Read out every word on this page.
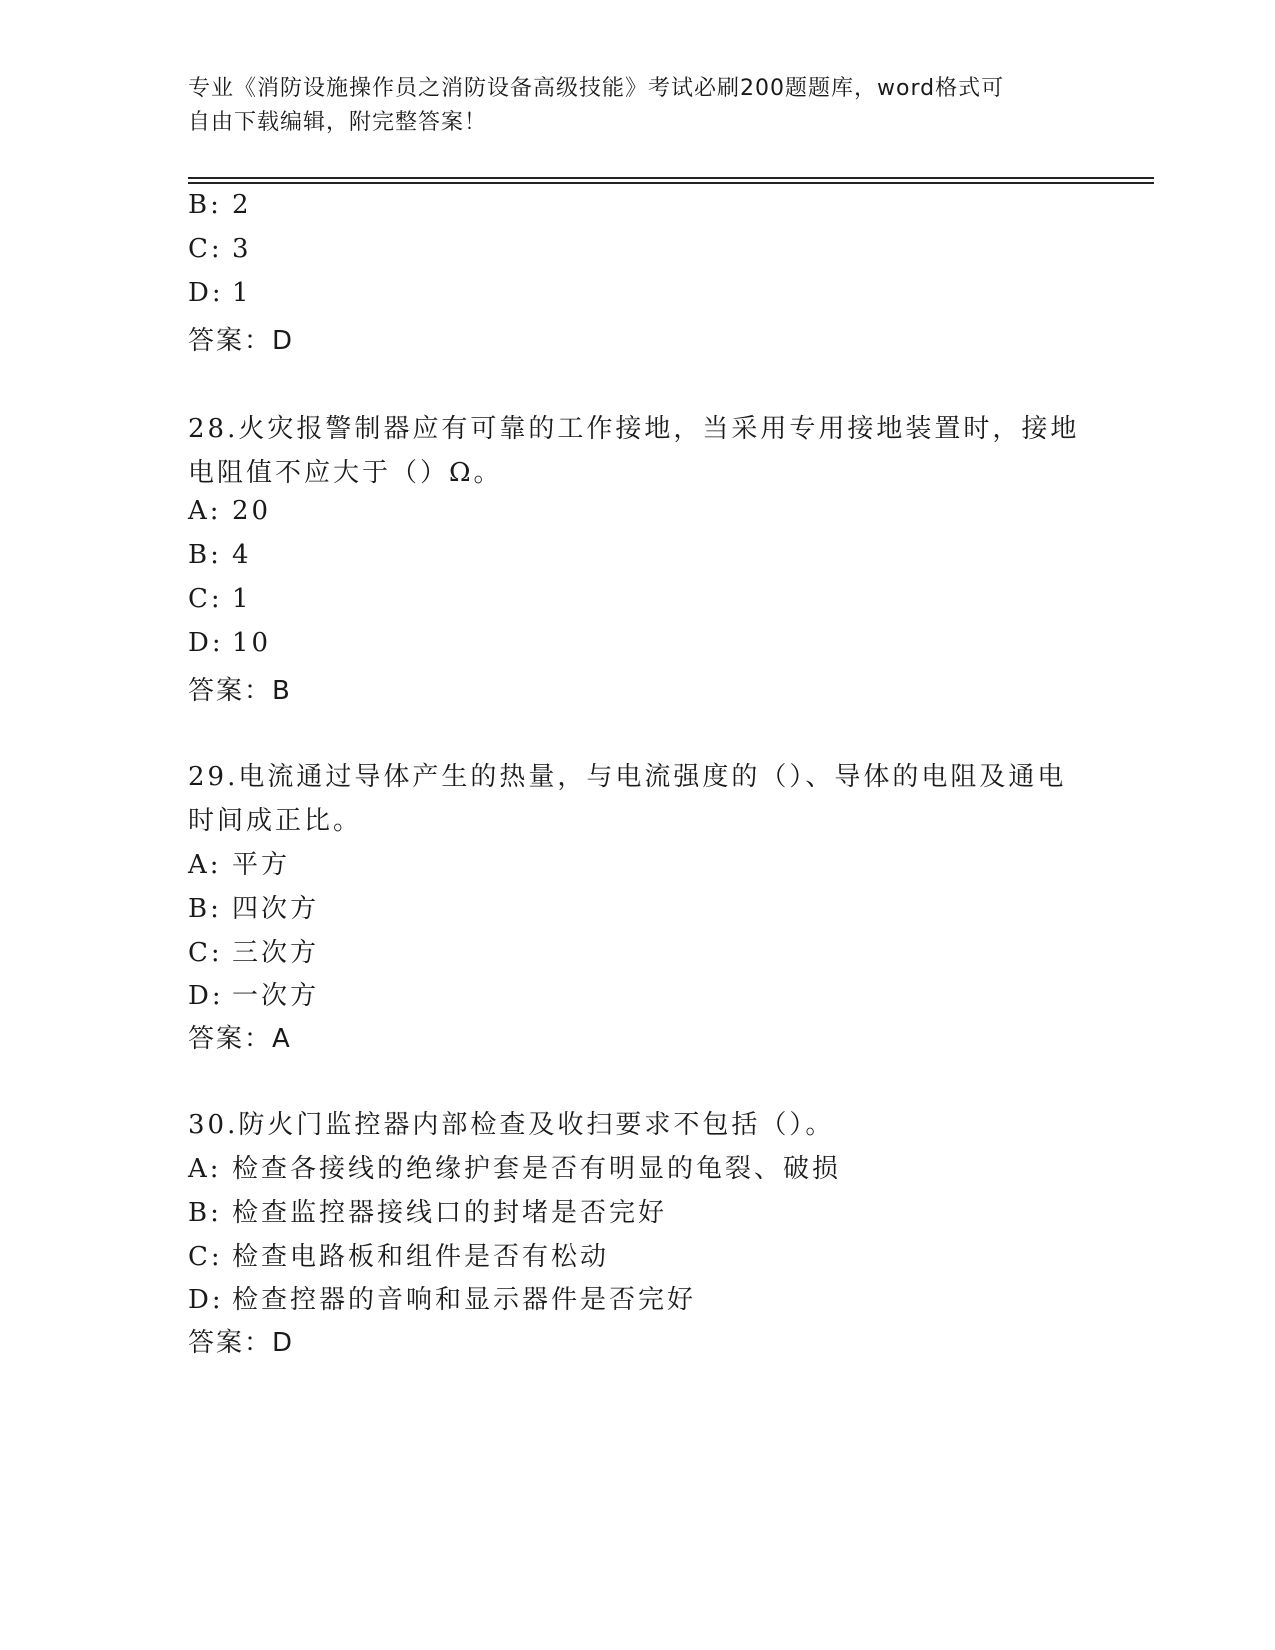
专业《消防设施操作员之消防设备高级技能》考试必刷200题题库，word格式可
自由下载编辑，附完整答案！
B: 2
C: 3
D: 1
答案：D
28.火灾报警制器应有可靠的工作接地，当采用专用接地装置时，接地
电阻值不应大于（）Ω。
A: 20
B: 4
C: 1
D: 10
答案：B
29.电流通过导体产生的热量，与电流强度的（）、导体的电阻及通电
时间成正比。
A: 平方
B: 四次方
C: 三次方
D: 一次方
答案：A
30.防火门监控器内部检查及收扫要求不包括（）。
A: 检查各接线的绝缘护套是否有明显的龟裂、破损
B: 检查监控器接线口的封堵是否完好
C: 检查电路板和组件是否有松动
D: 检查控器的音响和显示器件是否完好
答案：D
